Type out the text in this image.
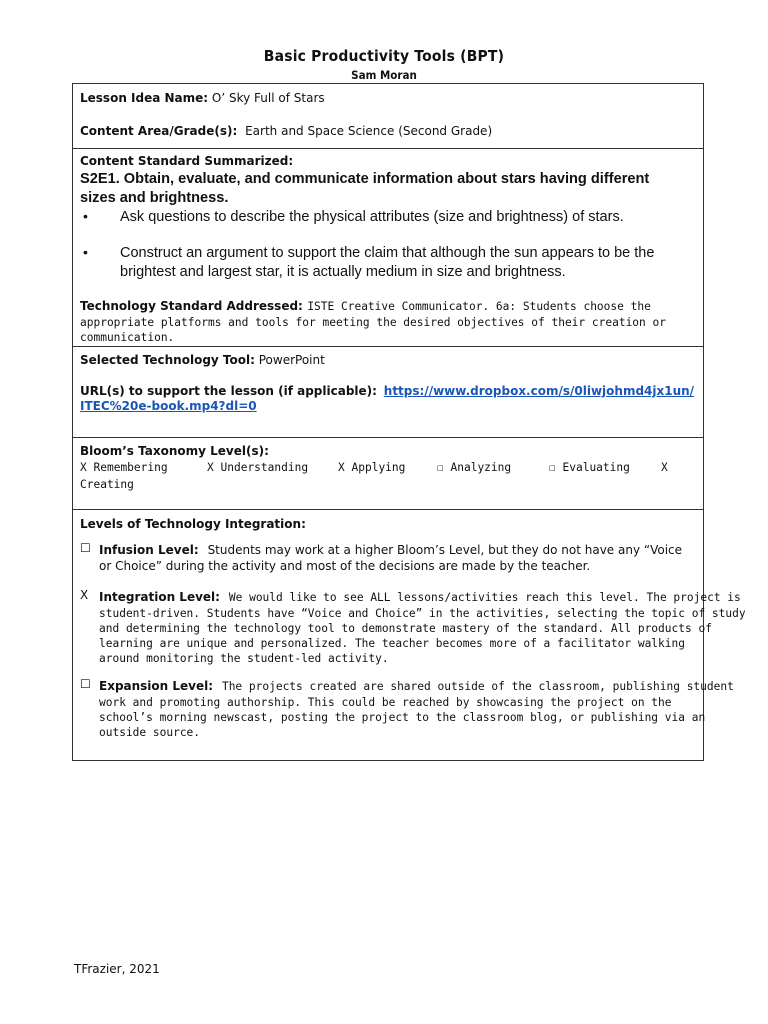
Basic Productivity Tools (BPT)
Sam Moran
Lesson Idea Name: O’ Sky Full of Stars
Content Area/Grade(s): Earth and Space Science (Second Grade)
Content Standard Summarized:
S2E1. Obtain, evaluate, and communicate information about stars having different
sizes and brightness.
• Ask questions to describe the physical attributes (size and brightness) of stars.
• Construct an argument to support the claim that although the sun appears to be the
brightest and largest star, it is actually medium in size and brightness.
Technology Standard Addressed: ISTE Creative Communicator. 6a: Students choose the
appropriate platforms and tools for meeting the desired objectives of their creation or
communication.
Selected Technology Tool: PowerPoint
URL(s) to support the lesson (if applicable): https://www.dropbox.com/s/0liwjohmd4jx1un/
ITEC%20e-book.mp4?dl=0
Bloom’s Taxonomy Level(s):
X Remembering	X Understanding	X Applying	☐ Analyzing	☐ Evaluating	X
Creating
Levels of Technology Integration:
☐ Infusion Level: Students may work at a higher Bloom’s Level, but they do not have any “Voice
or Choice” during the activity and most of the decisions are made by the teacher.
X Integration Level: We would like to see ALL lessons/activities reach this level. The project is
student-driven. Students have “Voice and Choice” in the activities, selecting the topic of study
and determining the technology tool to demonstrate mastery of the standard. All products of
learning are unique and personalized. The teacher becomes more of a facilitator walking
around monitoring the student-led activity.
☐ Expansion Level: The projects created are shared outside of the classroom, publishing student
work and promoting authorship. This could be reached by showcasing the project on the
school’s morning newscast, posting the project to the classroom blog, or publishing via an
outside source.
TFrazier, 2021
